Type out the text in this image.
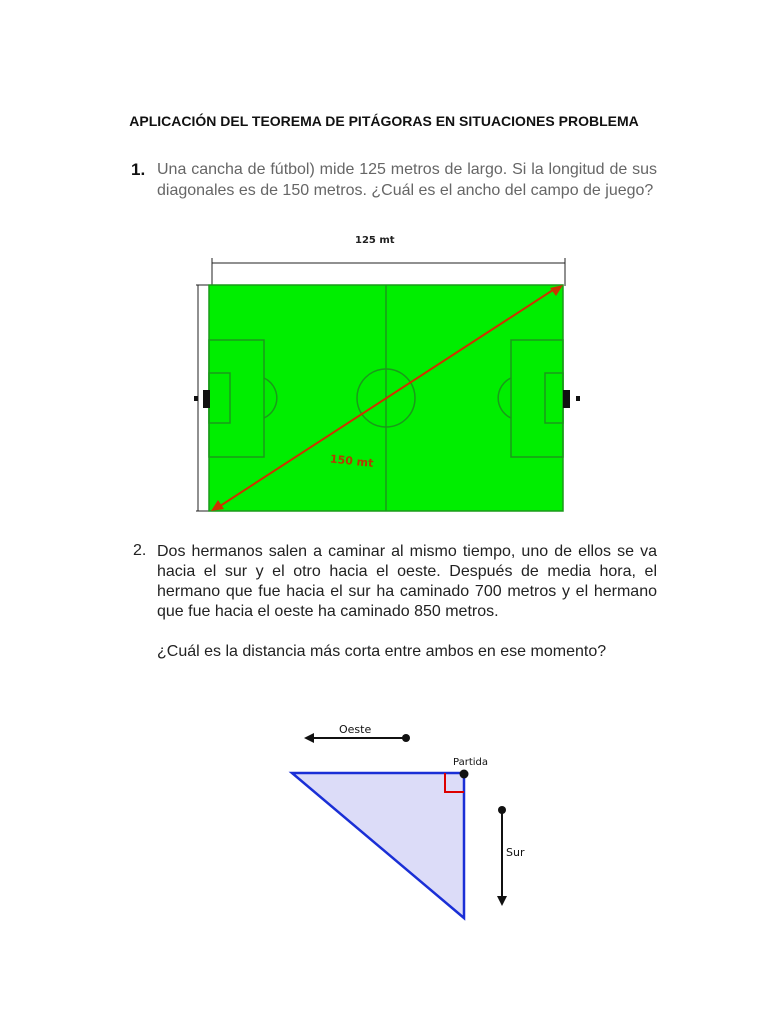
APLICACIÓN DEL TEOREMA DE PITÁGORAS EN SITUACIONES PROBLEMA
1. Una cancha de fútbol) mide 125 metros de largo. Si la longitud de sus diagonales es de 150 metros. ¿Cuál es el ancho del campo de juego?
125 mt
150 mt
2. Dos hermanos salen a caminar al mismo tiempo, uno de ellos se va hacia el sur y el otro hacia el oeste. Después de media hora, el hermano que fue hacia el sur ha caminado 700 metros y el hermano que fue hacia el oeste ha caminado 850 metros.

¿Cuál es la distancia más corta entre ambos en ese momento?

Oeste
Partida
Sur
